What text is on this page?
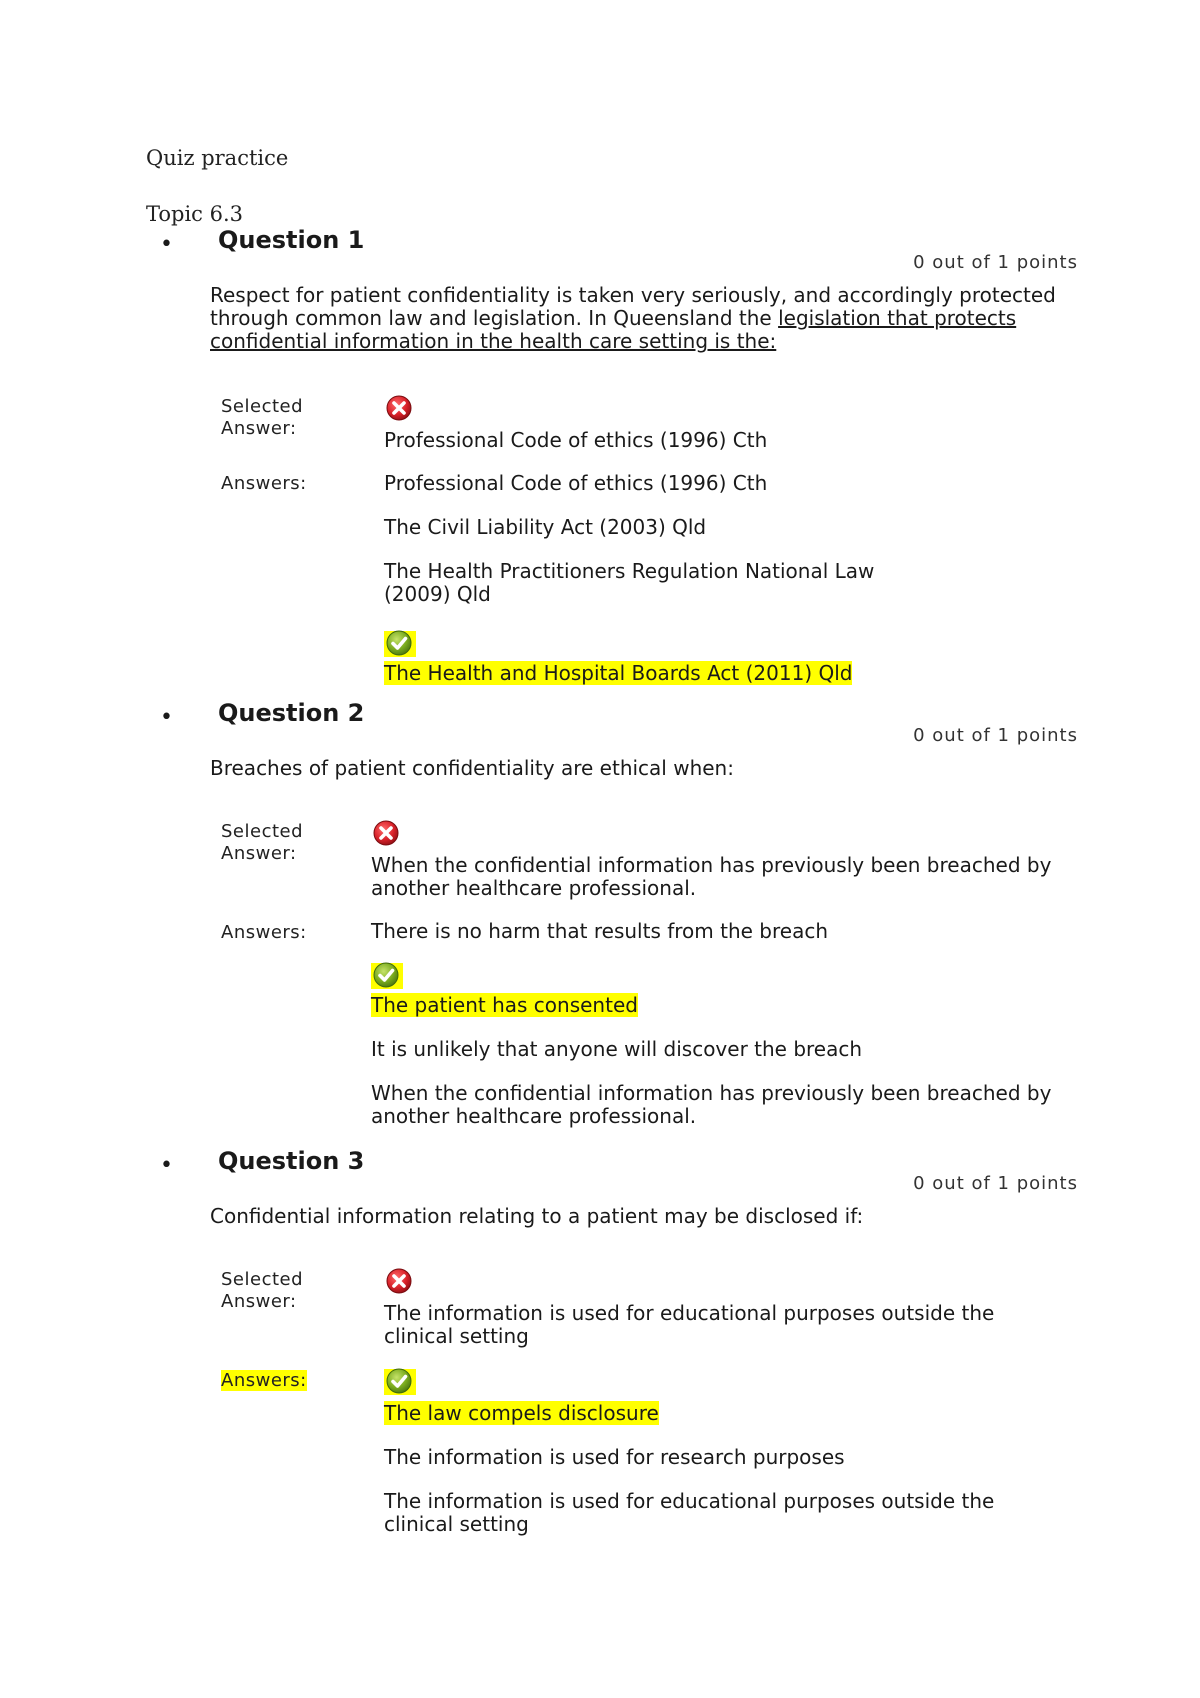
Quiz practice
Topic 6.3
• Question 1
0 out of 1 points
Respect for patient confidentiality is taken very seriously, and accordingly protected through common law and legislation. In Queensland the legislation that protects confidential information in the health care setting is the:
Selected
Answer:	Professional Code of ethics (1996) Cth
Answers:	Professional Code of ethics (1996) Cth
The Civil Liability Act (2003) Qld
The Health Practitioners Regulation National Law (2009) Qld
The Health and Hospital Boards Act (2011) Qld
• Question 2
0 out of 1 points
Breaches of patient confidentiality are ethical when:
Selected
Answer:	When the confidential information has previously been breached by another healthcare professional.
Answers:	There is no harm that results from the breach
The patient has consented
It is unlikely that anyone will discover the breach
When the confidential information has previously been breached by another healthcare professional.
• Question 3
0 out of 1 points
Confidential information relating to a patient may be disclosed if:
Selected
Answer:	The information is used for educational purposes outside the clinical setting
Answers:
The law compels disclosure
The information is used for research purposes
The information is used for educational purposes outside the clinical setting
